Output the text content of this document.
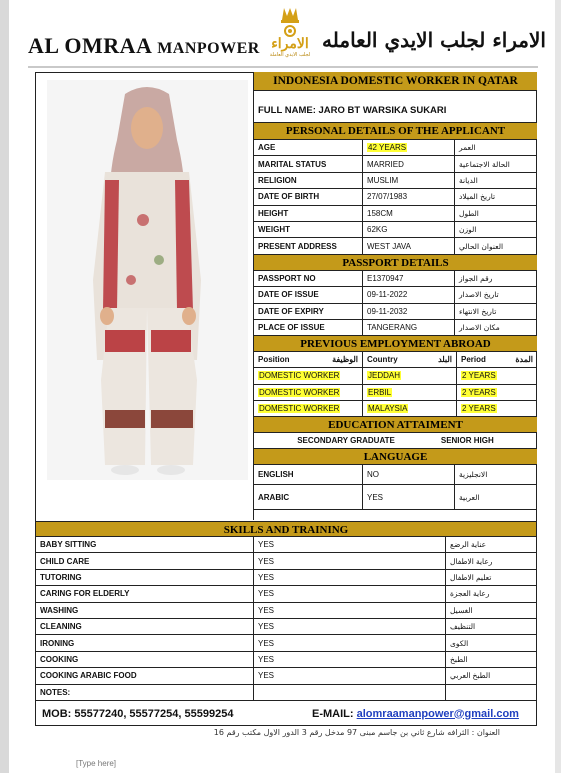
AL OMRAA MANPOWER الامراء
لجلب الايدي العاملة
الامراء لجلب الايدي العامله
INDONESIA DOMESTIC WORKER IN QATAR
FULL NAME: JARO BT WARSIKA SUKARI
PERSONAL DETAILS OF THE APPLICANT
AGE	42 YEARS	العمر
MARITAL STATUS	MARRIED	الحالة الاجتماعية
RELIGION	MUSLIM	الديانة
DATE OF BIRTH	27/07/1983	تاريخ الميلاد
HEIGHT	158CM	الطول
WEIGHT	62KG	الوزن
PRESENT ADDRESS	WEST JAVA	العنوان الحالي
PASSPORT DETAILS
PASSPORT NO	E1370947	رقم الجواز
DATE OF ISSUE	09-11-2022	تاريخ الاصدار
DATE OF EXPIRY	09-11-2032	تاريخ الانتهاء
PLACE OF ISSUE	TANGERANG	مكان الاصدار
PREVIOUS EMPLOYMENT ABROAD
Position	الوظيفة Country	البلد Period	المدة
DOMESTIC WORKER	JEDDAH	2 YEARS
DOMESTIC WORKER	ERBIL	2 YEARS
DOMESTIC WORKER	MALAYSIA	2 YEARS
EDUCATION ATTAIMENT
SECONDARY GRADUATE	SENIOR HIGH
LANGUAGE
ENGLISH	NO	الانجليزية
ARABIC	YES	العربية
SKILLS AND TRAINING
BABY SITTING	YES	عناية الرضع
CHILD CARE	YES	رعاية الاطفال
TUTORING	YES	تعليم الاطفال
CARING FOR ELDERLY	YES	رعاية العجزة
WASHING	YES	الغسيل
CLEANING	YES	التنظيف
IRONING	YES	الكوى
COOKING	YES	الطبخ
COOKING ARABIC FOOD	YES	الطبخ العربي
NOTES:
MOB: 55577240, 55577254, 55599254	E-MAIL: alomraamanpower@gmail.com
العنوان : الثرافه شارع ثاني بن جاسم مبنى 97 مدخل رقم 3 الدور الاول مكتب رقم 16
[Type here]
